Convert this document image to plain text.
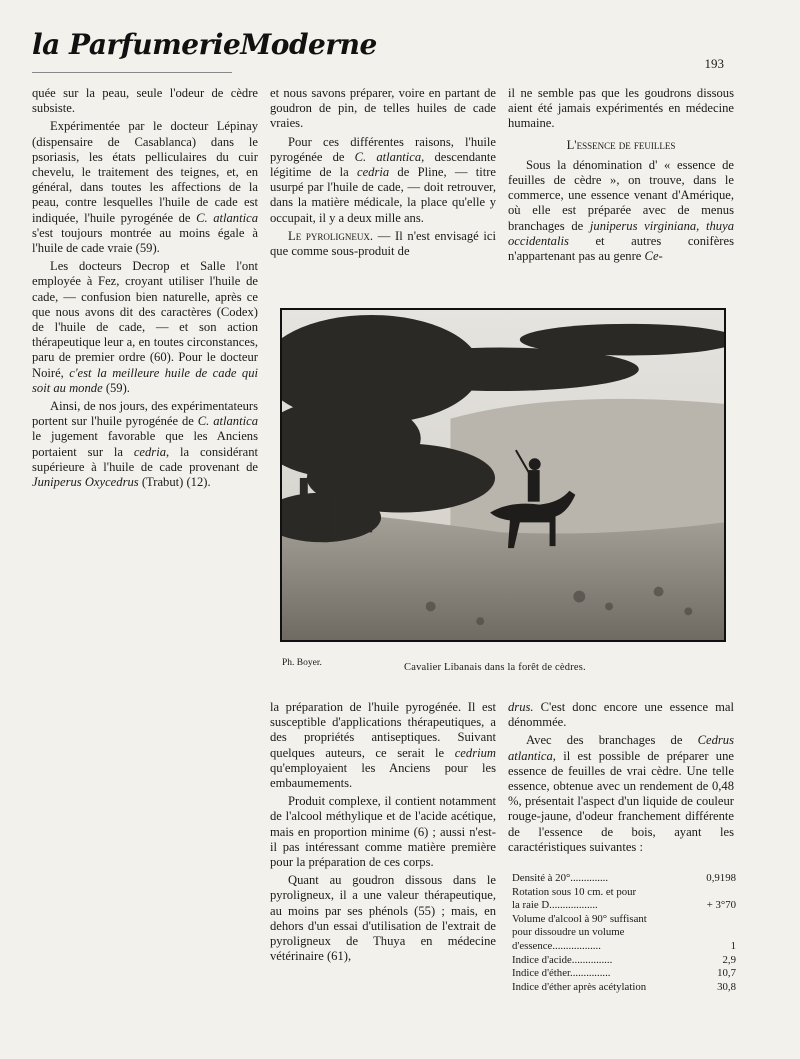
la ParfumerieModerne
193

quée sur la peau, seule l'odeur de cèdre subsiste.

Expérimentée par le docteur Lépinay (dispensaire de Casablanca) dans le psoriasis, les états pelliculaires du cuir chevelu, le traitement des teignes, et, en général, dans toutes les affections de la peau, contre lesquelles l'huile de cade est indiquée, l'huile pyrogénée de C. atlantica s'est toujours montrée au moins égale à l'huile de cade vraie (59).

Les docteurs Decrop et Salle l'ont employée à Fez, croyant utiliser l'huile de cade, — confusion bien naturelle, après ce que nous avons dit des caractères (Codex) de l'huile de cade, — et son action thérapeutique leur a, en toutes circonstances, paru de premier ordre (60). Pour le docteur Noiré, c'est la meilleure huile de cade qui soit au monde (59).

Ainsi, de nos jours, des expérimentateurs portent sur l'huile pyrogénée de C. atlantica le jugement favorable que les Anciens portaient sur la cedria, la considérant supérieure à l'huile de cade provenant de Juniperus Oxycedrus (Trabut) (12).

et nous savons préparer, voire en partant de goudron de pin, de telles huiles de cade vraies.

Pour ces différentes raisons, l'huile pyrogénée de C. atlantica, descendante légitime de la cedria de Pline, — titre usurpé par l'huile de cade, — doit retrouver, dans la matière médicale, la place qu'elle y occupait, il y a deux mille ans.

Le pyroligneux. — Il n'est envisagé ici que comme sous-produit de

il ne semble pas que les goudrons dissous aient été jamais expérimentés en médecine humaine.

L'essence de feuilles

Sous la dénomination d' « essence de feuilles de cèdre », on trouve, dans le commerce, une essence venant d'Amérique, où elle est préparée avec de menus branchages de juniperus virginiana, thuya occidentalis et autres conifères n'appartenant pas au genre Ce-

Ph. Boyer.	Cavalier Libanais dans la forêt de cèdres.

la préparation de l'huile pyrogénée. Il est susceptible d'applications thérapeutiques, a des propriétés antiseptiques. Suivant quelques auteurs, ce serait le cedrium qu'employaient les Anciens pour les embaumements.

Produit complexe, il contient notamment de l'alcool méthylique et de l'acide acétique, mais en proportion minime (6) ; aussi n'est-il pas intéressant comme matière première pour la préparation de ces corps.

Quant au goudron dissous dans le pyroligneux, il a une valeur thérapeutique, au moins par ses phénols (55) ; mais, en dehors d'un essai d'utilisation de l'extrait de pyroligneux de Thuya en médecine vétérinaire (61),

drus. C'est donc encore une essence mal dénommée.

Avec des branchages de Cedrus atlantica, il est possible de préparer une essence de feuilles de vrai cèdre. Une telle essence, obtenue avec un rendement de 0,48 %, présentait l'aspect d'un liquide de couleur rouge-jaune, d'odeur franchement différente de l'essence de bois, ayant les caractéristiques suivantes :

Densité à 20°..............	0,9198
Rotation sous 10 cm. et pour
la raie D..................	+ 3°70
Volume d'alcool à 90° suffisant
pour dissoudre un volume
d'essence..................	1
Indice d'acide...............	2,9
Indice d'éther...............	10,7
Indice d'éther après acétylation	30,8
